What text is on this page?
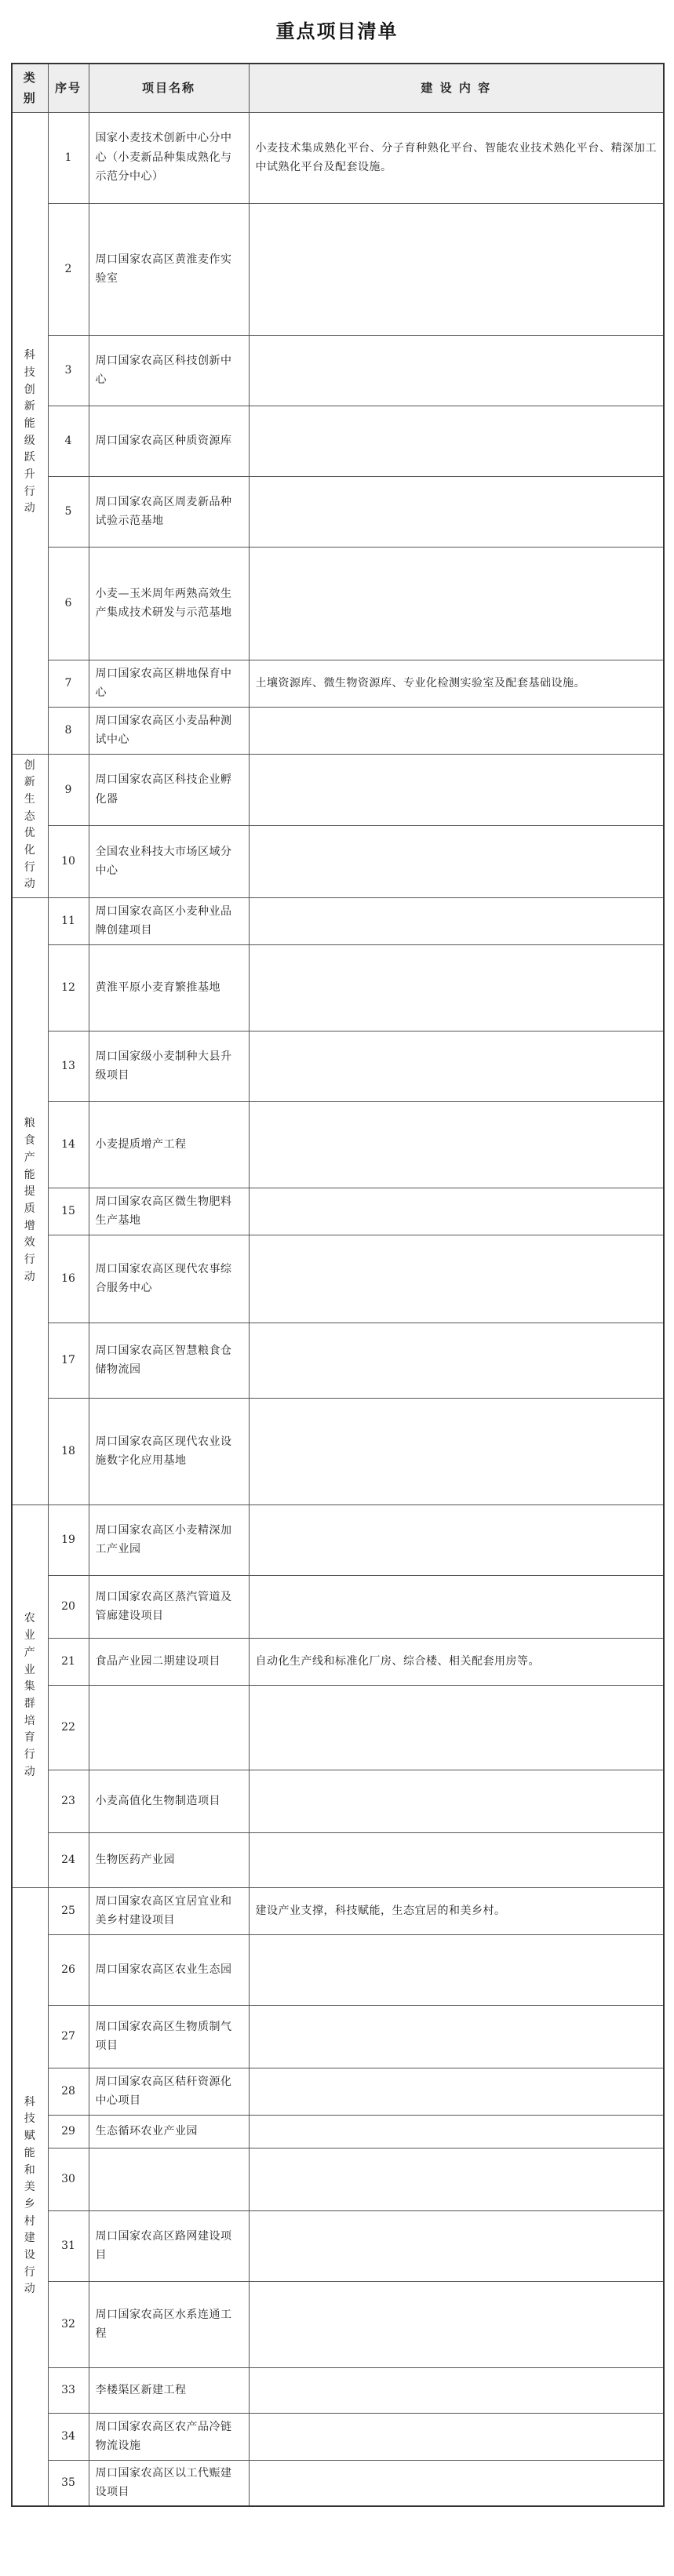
重点项目清单
类别	序号	项目名称	建 设 内 容
科技创新能级跃升行动	1	国家小麦技术创新中心分中心（小麦新品种集成熟化与示范分中心）	小麦技术集成熟化平台、分子育种熟化平台、智能农业技术熟化平台、精深加工中试熟化平台及配套设施。
	2	周口国家农高区黄淮麦作实验室	
	3	周口国家农高区科技创新中心	
	4	周口国家农高区种质资源库	
	5	周口国家农高区周麦新品种试验示范基地	
	6	小麦—玉米周年两熟高效生产集成技术研发与示范基地	
	7	周口国家农高区耕地保育中心	土壤资源库、微生物资源库、专业化检测实验室及配套基础设施。
	8	周口国家农高区小麦品种测试中心	
创新生态优化行动	9	周口国家农高区科技企业孵化器	
	10	全国农业科技大市场区域分中心	
粮食产能提质增效行动	11	周口国家农高区小麦种业品牌创建项目	
	12	黄淮平原小麦育繁推基地	
	13	周口国家级小麦制种大县升级项目	
	14	小麦提质增产工程	
	15	周口国家农高区微生物肥料生产基地	
	16	周口国家农高区现代农事综合服务中心	
	17	周口国家农高区智慧粮食仓储物流园	
	18	周口国家农高区现代农业设施数字化应用基地	
农业产业集群培育行动	19	周口国家农高区小麦精深加工产业园	
	20	周口国家农高区蒸汽管道及管廊建设项目	
	21	食品产业园二期建设项目	自动化生产线和标准化厂房、综合楼、相关配套用房等。
	22		
	23	小麦高值化生物制造项目	
	24	生物医药产业园	
科技赋能和美乡村建设行动	25	周口国家农高区宜居宜业和美乡村建设项目	建设产业支撑，科技赋能，生态宜居的和美乡村。
	26	周口国家农高区农业生态园	
	27	周口国家农高区生物质制气项目	
	28	周口国家农高区秸秆资源化中心项目	
	29	生态循环农业产业园	
	30		
	31	周口国家农高区路网建设项目	
	32	周口国家农高区水系连通工程	
	33	李楼渠区新建工程	
	34	周口国家农高区农产品冷链物流设施	
	35	周口国家农高区以工代赈建设项目	
